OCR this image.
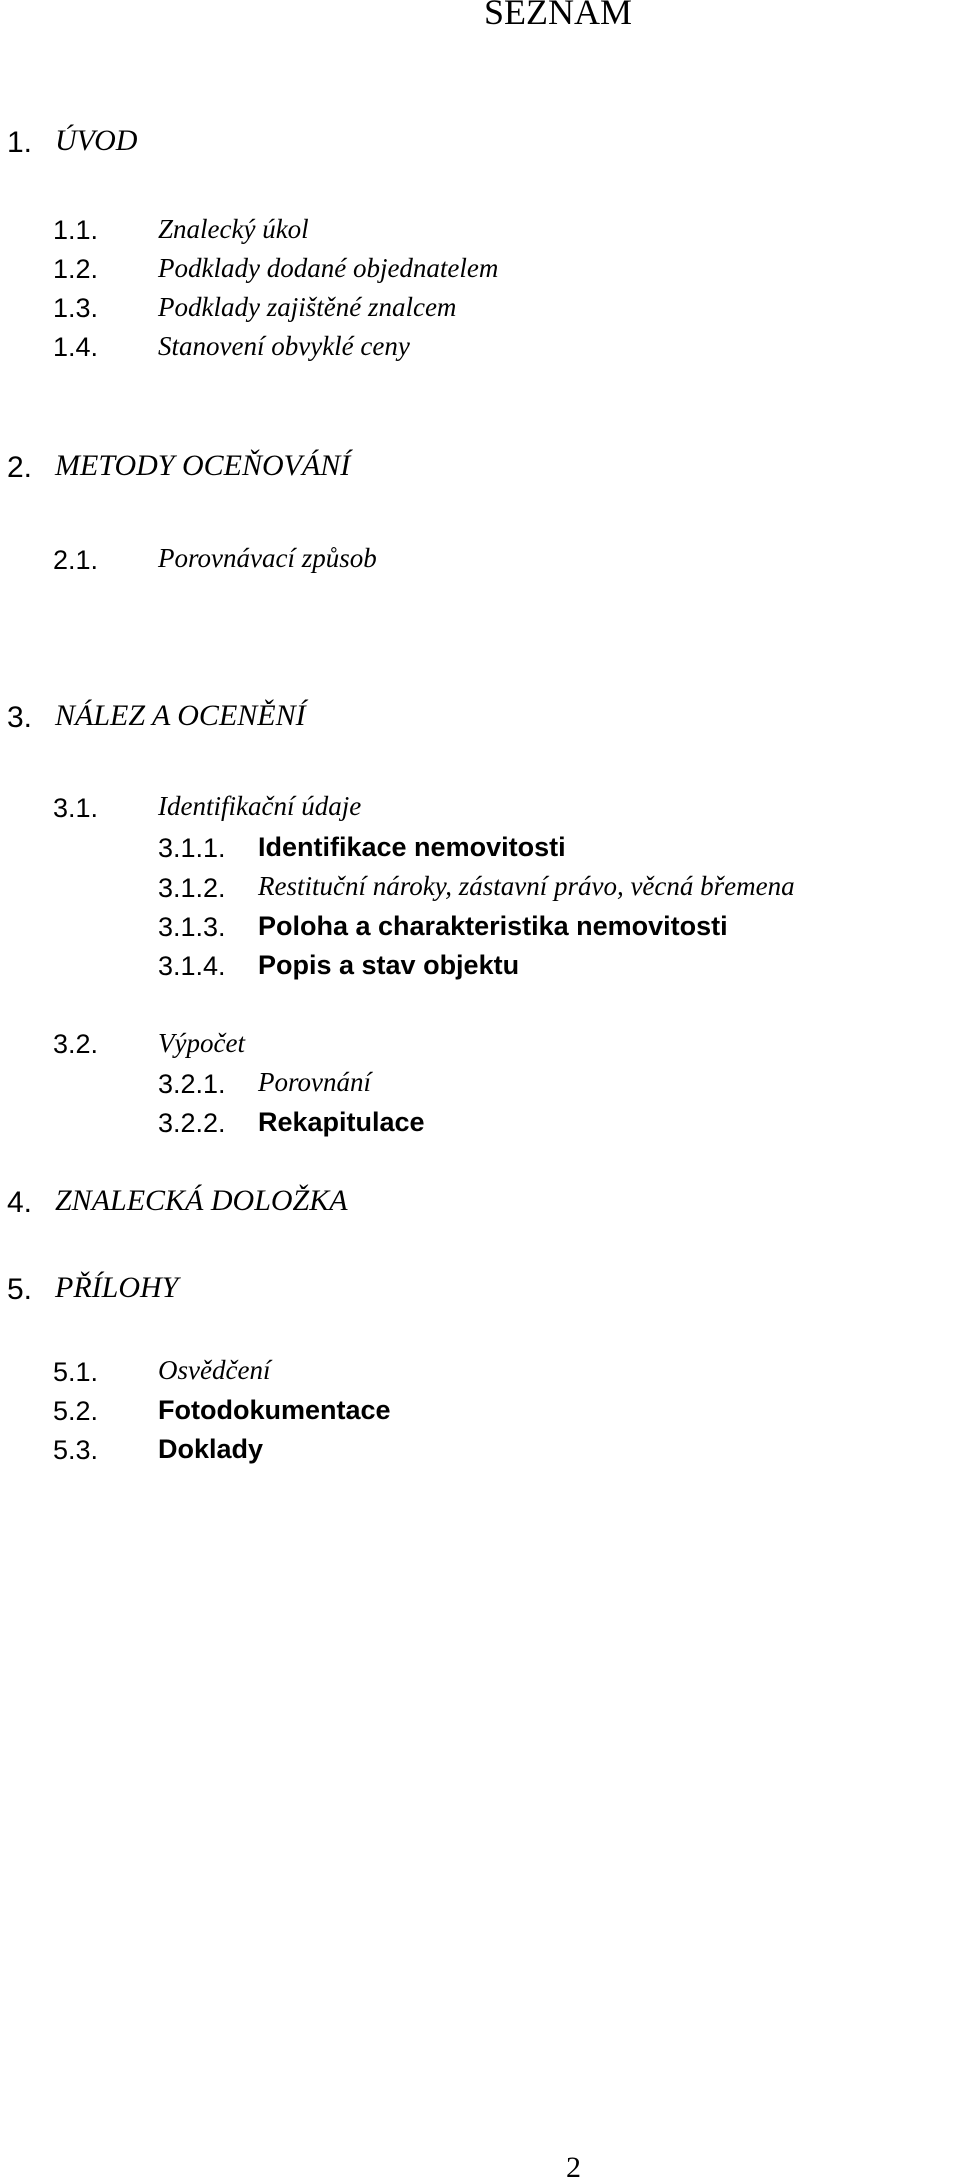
SEZNAM
1. ÚVOD
1.1. Znalecký úkol
1.2. Podklady dodané objednatelem
1.3. Podklady zajištěné znalcem
1.4. Stanovení obvyklé ceny
2. METODY OCEŇOVÁNÍ
2.1. Porovnávací způsob
3. NÁLEZ A OCENĚNÍ
3.1. Identifikační údaje
3.1.1. Identifikace nemovitosti
3.1.2. Restituční nároky, zástavní právo, věcná břemena
3.1.3. Poloha a charakteristika nemovitosti
3.1.4. Popis a stav objektu
3.2. Výpočet
3.2.1. Porovnání
3.2.2. Rekapitulace
4. ZNALECKÁ DOLOŽKA
5. PŘÍLOHY
5.1. Osvědčení
5.2. Fotodokumentace
5.3. Doklady
2
